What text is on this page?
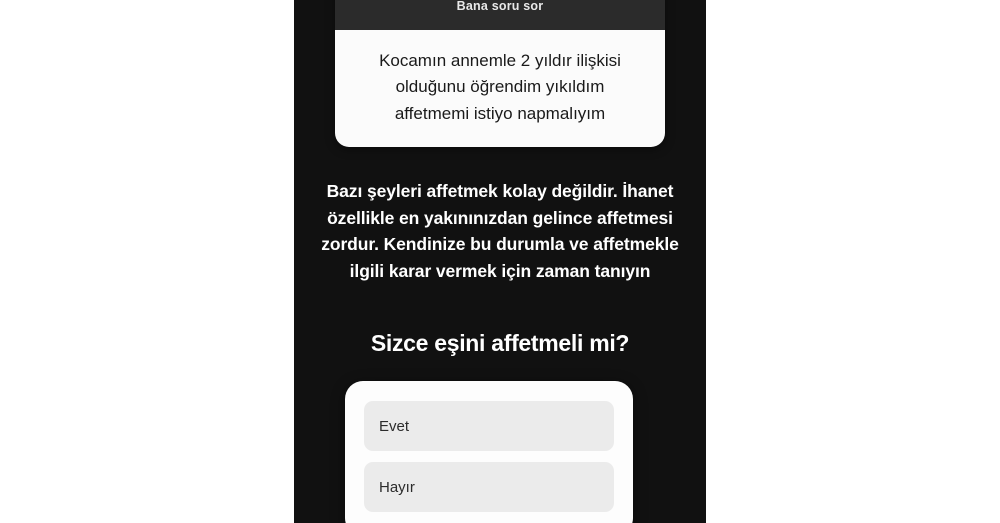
Bana soru sor
Kocamın annemle 2 yıldır ilişkisi
olduğunu öğrendim yıkıldım
affetmemi istiyo napmalıyım
Bazı şeyleri affetmek kolay değildir. İhanet özellikle en yakınınızdan gelince affetmesi zordur. Kendinize bu durumla ve affetmekle ilgili karar vermek için zaman tanıyın
Sizce eşini affetmeli mi?
Evet
Hayır
